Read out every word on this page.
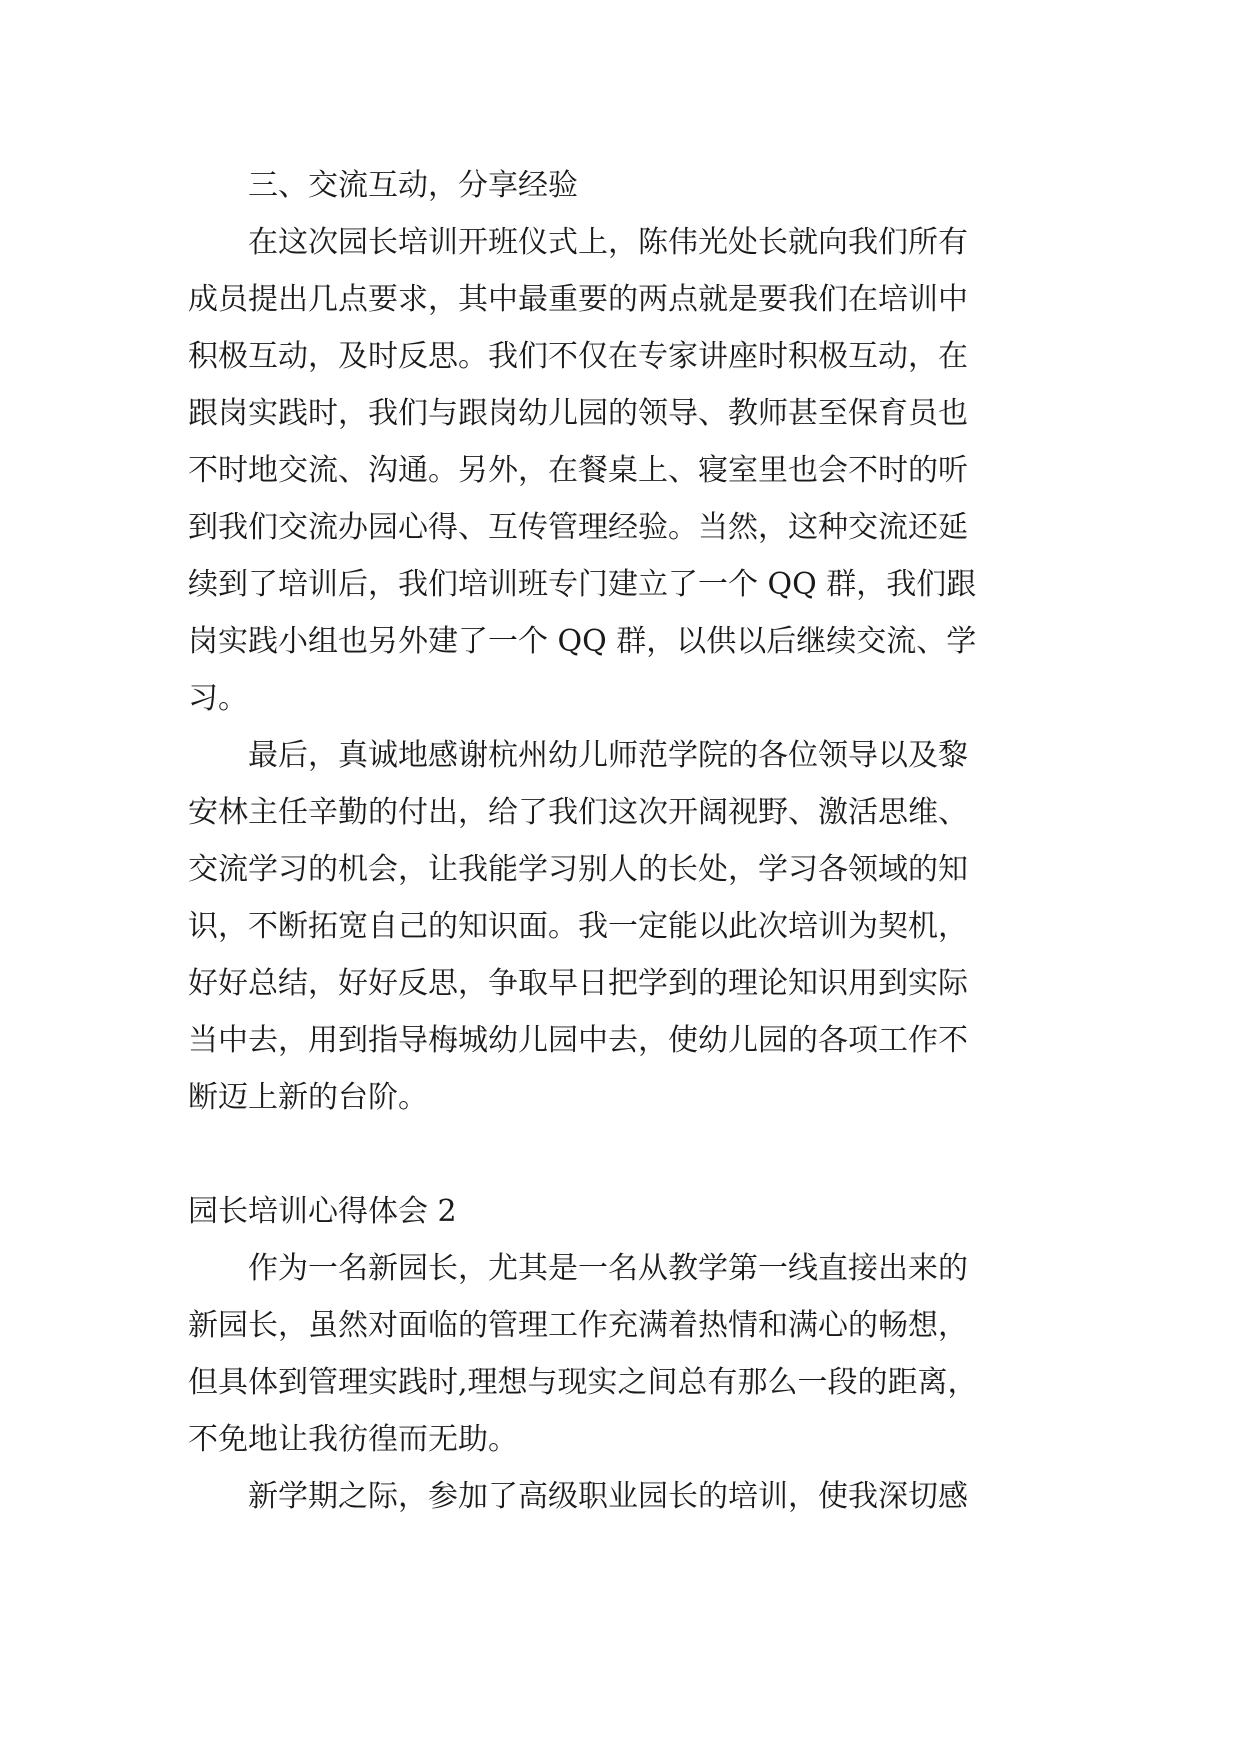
三、交流互动，分享经验
在这次园长培训开班仪式上，陈伟光处长就向我们所有
成员提出几点要求，其中最重要的两点就是要我们在培训中
积极互动，及时反思。我们不仅在专家讲座时积极互动，在
跟岗实践时，我们与跟岗幼儿园的领导、教师甚至保育员也
不时地交流、沟通。另外，在餐桌上、寝室里也会不时的听
到我们交流办园心得、互传管理经验。当然，这种交流还延
续到了培训后，我们培训班专门建立了一个 QQ 群，我们跟
岗实践小组也另外建了一个 QQ 群，以供以后继续交流、学
习。
最后，真诚地感谢杭州幼儿师范学院的各位领导以及黎
安林主任辛勤的付出，给了我们这次开阔视野、激活思维、
交流学习的机会，让我能学习别人的长处，学习各领域的知
识，不断拓宽自己的知识面。我一定能以此次培训为契机，
好好总结，好好反思，争取早日把学到的理论知识用到实际
当中去，用到指导梅城幼儿园中去，使幼儿园的各项工作不
断迈上新的台阶。
园长培训心得体会 2
作为一名新园长，尤其是一名从教学第一线直接出来的
新园长，虽然对面临的管理工作充满着热情和满心的畅想，
但具体到管理实践时,理想与现实之间总有那么一段的距离，
不免地让我彷徨而无助。
新学期之际，参加了高级职业园长的培训，使我深切感
